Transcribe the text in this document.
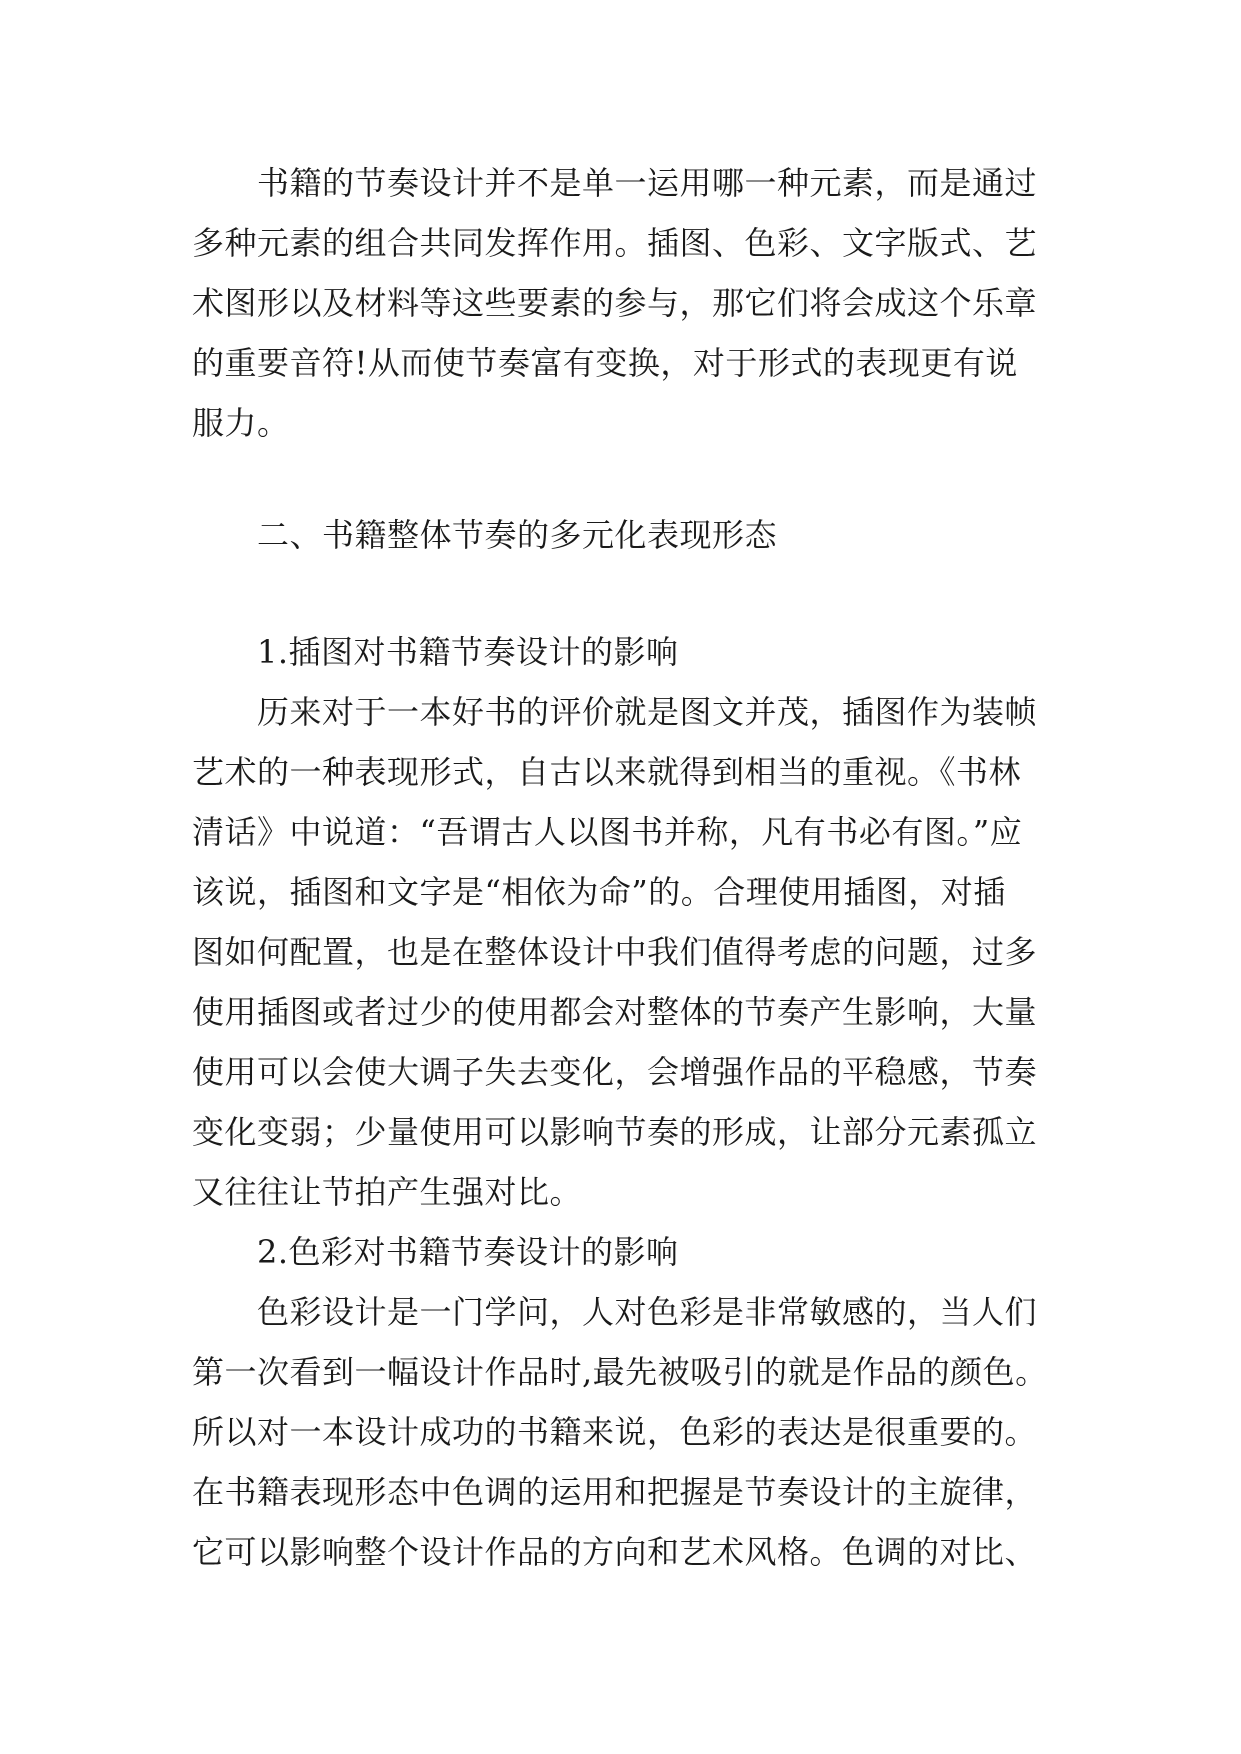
书籍的节奏设计并不是单一运用哪一种元素，而是通过
多种元素的组合共同发挥作用。插图、色彩、文字版式、艺
术图形以及材料等这些要素的参与，那它们将会成这个乐章
的重要音符!从而使节奏富有变换，对于形式的表现更有说
服力。
二、书籍整体节奏的多元化表现形态
1.插图对书籍节奏设计的影响
历来对于一本好书的评价就是图文并茂，插图作为装帧
艺术的一种表现形式，自古以来就得到相当的重视。《书林
清话》中说道：“吾谓古人以图书并称，凡有书必有图。”应
该说，插图和文字是“相依为命”的。合理使用插图，对插
图如何配置，也是在整体设计中我们值得考虑的问题，过多
使用插图或者过少的使用都会对整体的节奏产生影响，大量
使用可以会使大调子失去变化，会增强作品的平稳感，节奏
变化变弱；少量使用可以影响节奏的形成，让部分元素孤立
又往往让节拍产生强对比。
2.色彩对书籍节奏设计的影响
色彩设计是一门学问，人对色彩是非常敏感的，当人们
第一次看到一幅设计作品时,最先被吸引的就是作品的颜色。
所以对一本设计成功的书籍来说，色彩的表达是很重要的。
在书籍表现形态中色调的运用和把握是节奏设计的主旋律，
它可以影响整个设计作品的方向和艺术风格。色调的对比、
